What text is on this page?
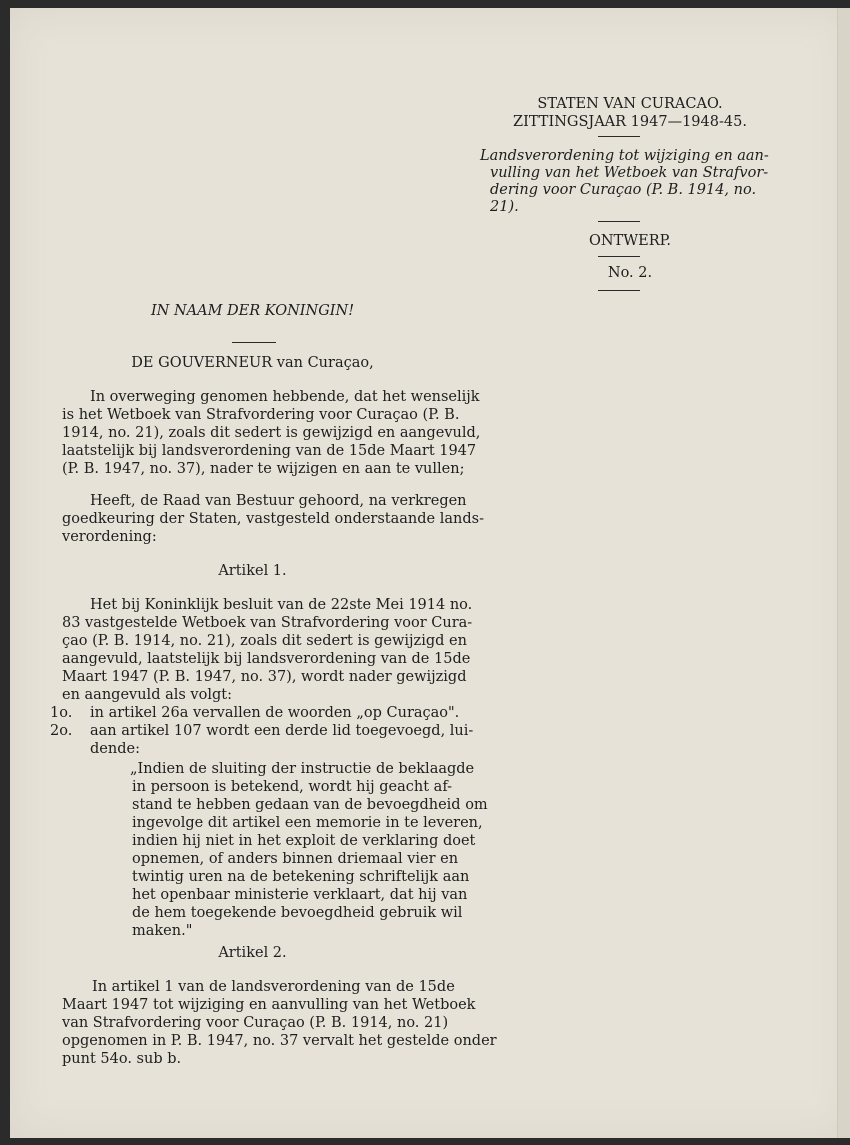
STATEN VAN CURACAO.
ZITTINGSJAAR 1947—1948-45.
Landsverordening tot wijziging en aan-
vulling van het Wetboek van Strafvor-
dering voor Curaçao (P. B. 1914, no.
21).
ONTWERP.
No. 2.
IN NAAM DER KONINGIN!
DE GOUVERNEUR van Curaçao,
In overweging genomen hebbende, dat het wenselijk
is het Wetboek van Strafvordering voor Curaçao (P. B.
1914, no. 21), zoals dit sedert is gewijzigd en aangevuld,
laatstelijk bij landsverordening van de 15de Maart 1947
(P. B. 1947, no. 37), nader te wijzigen en aan te vullen;
Heeft, de Raad van Bestuur gehoord, na verkregen
goedkeuring der Staten, vastgesteld onderstaande lands-
verordening:
Artikel 1.
Het bij Koninklijk besluit van de 22ste Mei 1914 no.
83 vastgestelde Wetboek van Strafvordering voor Cura-
çao (P. B. 1914, no. 21), zoals dit sedert is gewijzigd en
aangevuld, laatstelijk bij landsverordening van de 15de
Maart 1947 (P. B. 1947, no. 37), wordt nader gewijzigd
en aangevuld als volgt:
1o. in artikel 26a vervallen de woorden „op Curaçao".
2o. aan artikel 107 wordt een derde lid toegevoegd, lui-
dende:
„Indien de sluiting der instructie de beklaagde
in persoon is betekend, wordt hij geacht af-
stand te hebben gedaan van de bevoegdheid om
ingevolge dit artikel een memorie in te leveren,
indien hij niet in het exploit de verklaring doet
opnemen, of anders binnen driemaal vier en
twintig uren na de betekening schriftelijk aan
het openbaar ministerie verklaart, dat hij van
de hem toegekende bevoegdheid gebruik wil
maken."
Artikel 2.
In artikel 1 van de landsverordening van de 15de
Maart 1947 tot wijziging en aanvulling van het Wetboek
van Strafvordering voor Curaçao (P. B. 1914, no. 21)
opgenomen in P. B. 1947, no. 37 vervalt het gestelde onder
punt 54o. sub b.
